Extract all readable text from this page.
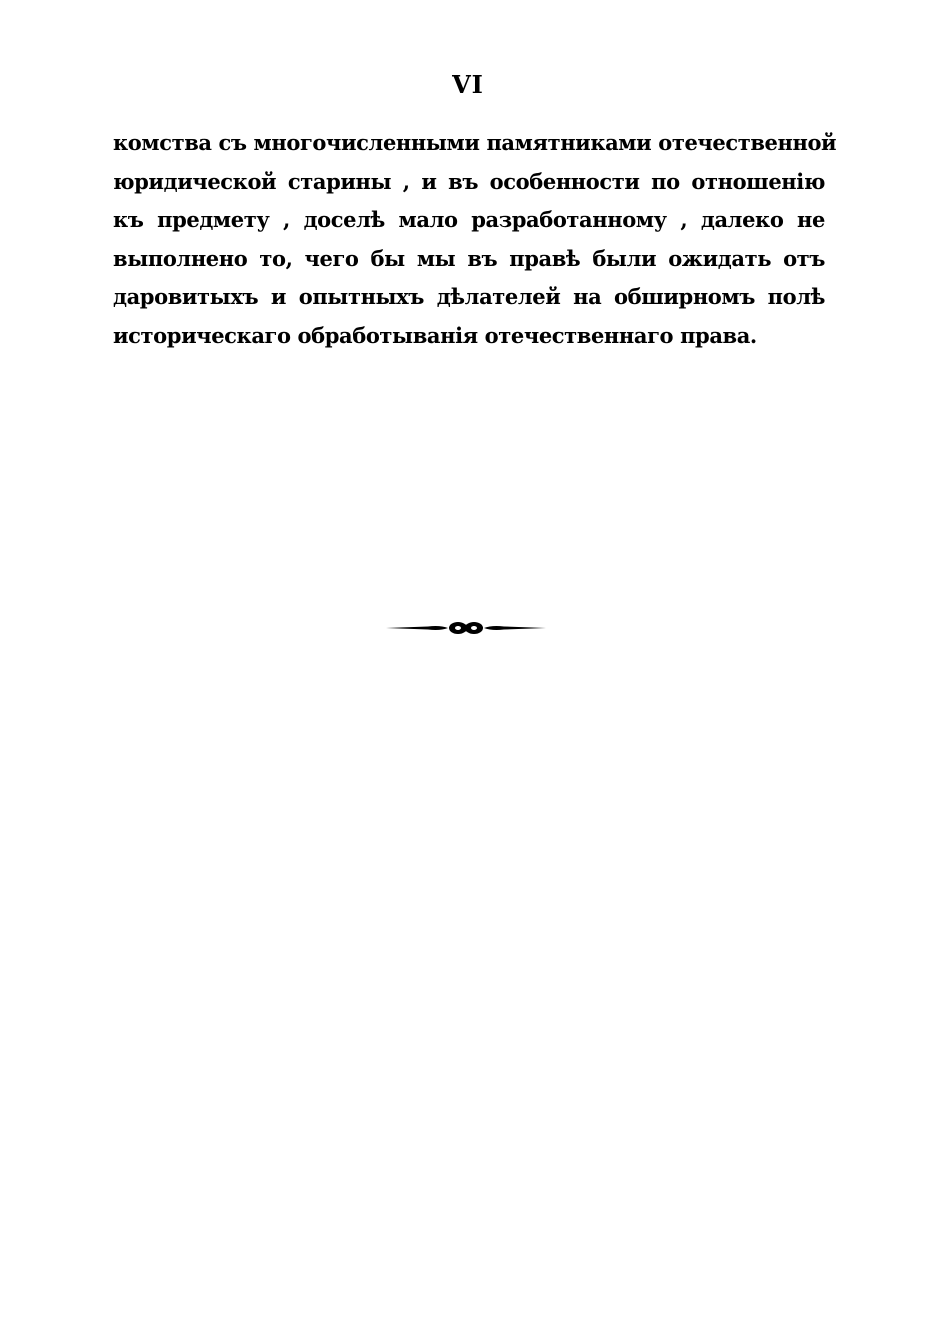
VI
комства съ многочисленными памятниками отечественной
юридической старины , и въ особенности по отношенію
къ предмету , доселѣ мало разработанному , далеко не
выполнено то, чего бы мы въ правѣ были ожидать отъ
даровитыхъ и опытныхъ дѣлателей на обширномъ полѣ
историческаго обработыванія отечественнаго права.
